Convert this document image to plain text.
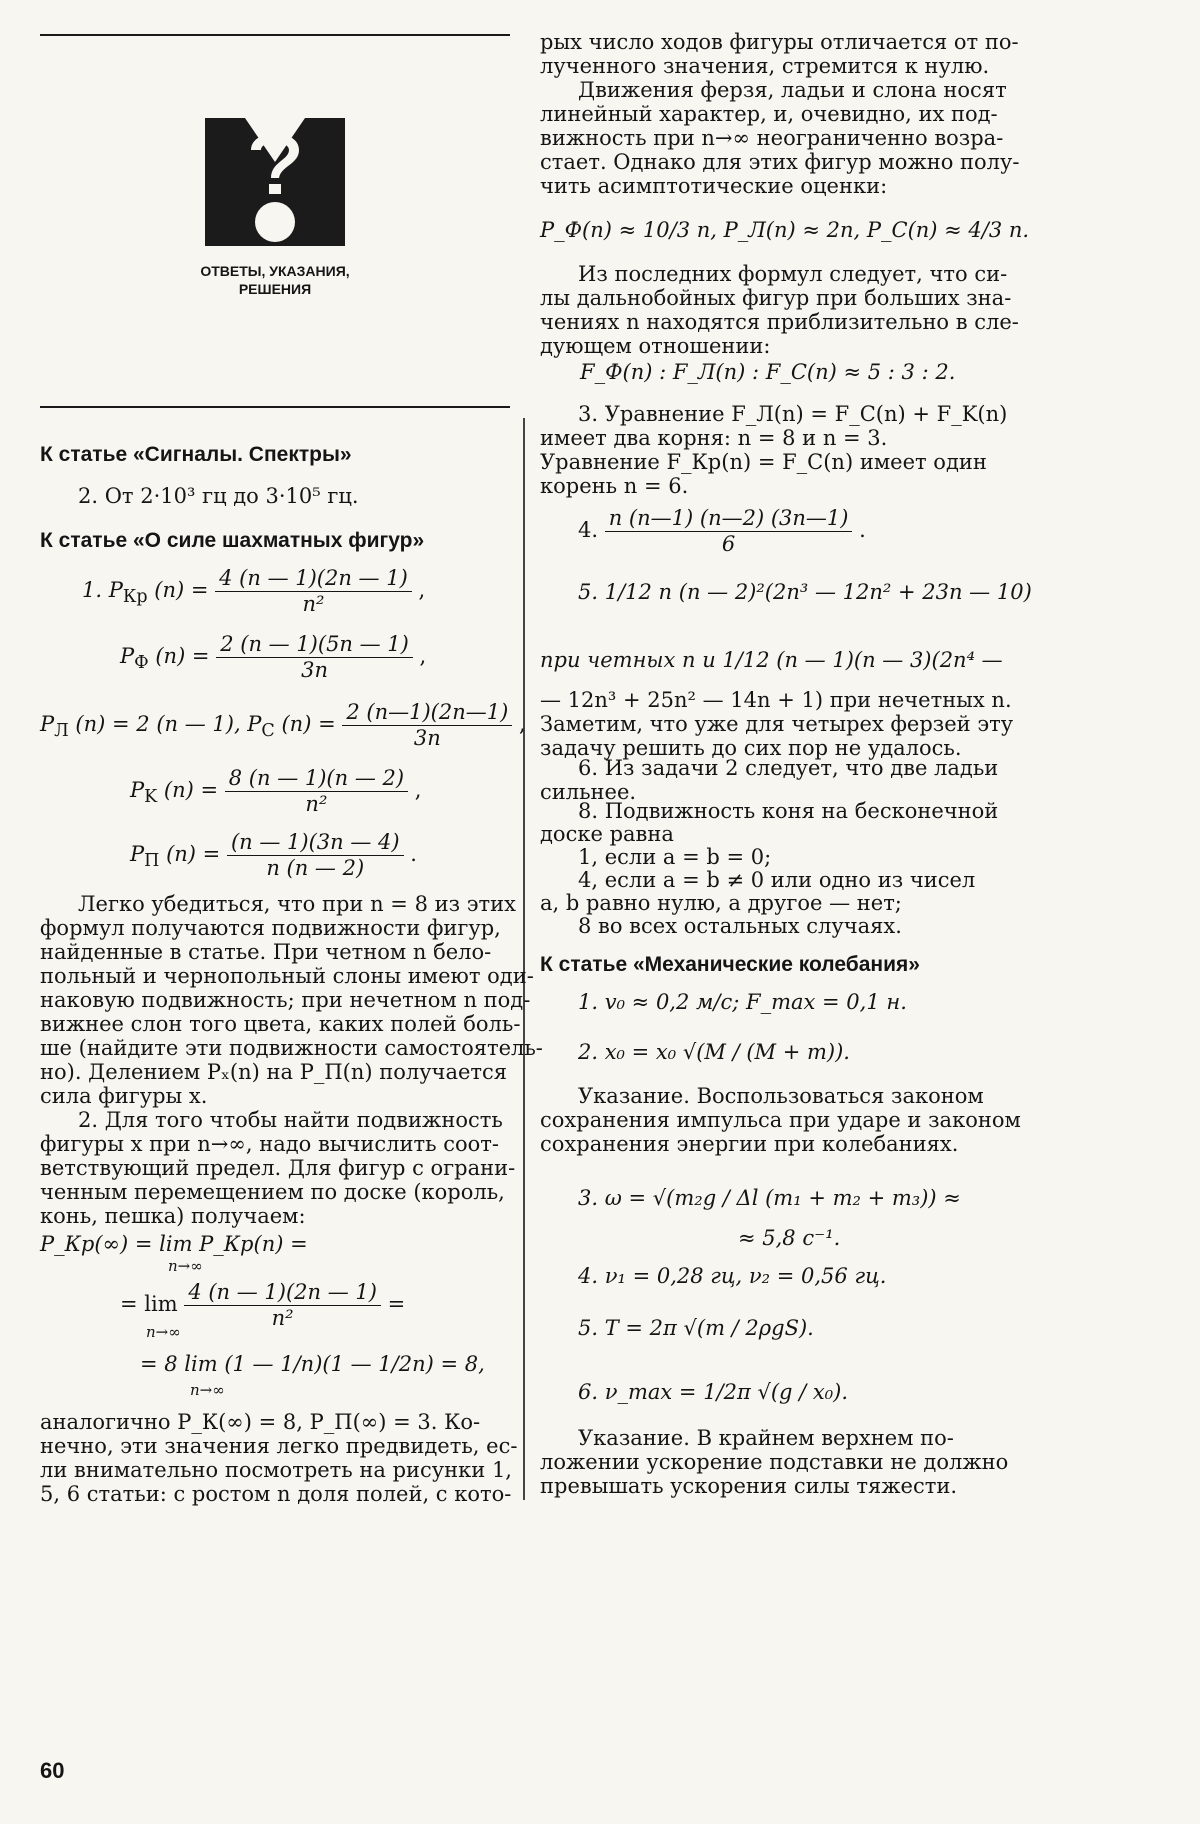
ОТВЕТЫ, УКАЗАНИЯ,
РЕШЕНИЯ
К статье «Сигналы. Спектры»
2. От 2·10³ гц до 3·10⁵ гц.
К статье «О силе шахматных фигур»
1. $P_{Кр}$ $(n) = \frac{4 (n — 1)(2n — 1)}{\text{n²}}$ ,
$P_Ф$ $(n) = \frac{2 (n — 1)(5n — 1)}{3n}$ ,
$P_Л$ (n) = 2 (n — 1), $P_C$ $(n) = \frac{2 (n—1)(2n—1)}{3n}$ ,
$P_K$ $(n) = \frac{8 (n — 1)(n — 2)}{\text{n²}}$ ,
$P_П$ $(n) = \frac{(n — 1)(3n — 4)}{n (n — 2)}$ .
Легко убедиться, что при n = 8 из этих
формул получаются подвижности фигур,
найденные в статье. При четном n бело-
польный и чернопольный слоны имеют оди-
наковую подвижность; при нечетном n под-
вижнее слон того цвета, каких полей боль-
ше (найдите эти подвижности самостоятель-
но). Делением Pₓ(n) на P_П(n) получается
сила фигуры x.
2. Для того чтобы найти подвижность
фигуры x при n→∞, надо вычислить соот-
ветствующий предел. Для фигур с ограни-
ченным перемещением по доске (король,
конь, пешка) получаем:
P_Кр(∞) = lim P_Кр(n) =
n→∞
= $\lim \frac{4 (n — 1)(2n — 1)}{\text{n²}}$ =
n→∞
= 8 lim (1 — 1/n)(1 — 1/2n) = 8,
n→∞
аналогично P_К(∞) = 8, P_П(∞) = 3. Ко-
нечно, эти значения легко предвидеть, ес-
ли внимательно посмотреть на рисунки 1,
5, 6 статьи: с ростом n доля полей, с кото-
60
рых число ходов фигуры отличается от по-
лученного значения, стремится к нулю.
Движения ферзя, ладьи и слона носят
линейный характер, и, очевидно, их под-
вижность при n→∞ неограниченно возра-
стает. Однако для этих фигур можно полу-
чить асимптотические оценки:
P_Ф(n) ≈ 10/3 n, P_Л(n) ≈ 2n, P_C(n) ≈ 4/3 n.
Из последних формул следует, что си-
лы дальнобойных фигур при больших зна-
чениях n находятся приблизительно в сле-
дующем отношении:
F_Ф(n) : F_Л(n) : F_C(n) ≈ 5 : 3 : 2.
3. Уравнение F_Л(n) = F_C(n) + F_K(n)
имеет два корня: n = 8 и n = 3.
Уравнение F_Кр(n) = F_C(n) имеет один
корень n = 6.
4. $\frac{n (n—1) (n—2) (3n—1)}{6}$ .
5. 1/12 n (n — 2)²(2n³ — 12n² + 23n — 10)
при четных n и 1/12 (n — 1)(n — 3)(2n⁴ —
— 12n³ + 25n² — 14n + 1) при нечетных n.
Заметим, что уже для четырех ферзей эту
задачу решить до сих пор не удалось.
6. Из задачи 2 следует, что две ладьи
сильнее.
8. Подвижность коня на бесконечной
доске равна
1, если a = b = 0;
4, если a = b ≠ 0 или одно из чисел
a, b равно нулю, а другое — нет;
8 во всех остальных случаях.
К статье «Механические колебания»
1. v₀ ≈ 0,2 м/с; F_max = 0,1 н.
2. x₀ = x₀ √(M / (M + m)).
Указание. Воспользоваться законом
сохранения импульса при ударе и законом
сохранения энергии при колебаниях.
3. ω = √(m₂g / Δl (m₁ + m₂ + m₃)) ≈
≈ 5,8 с⁻¹.
4. ν₁ = 0,28 гц, ν₂ = 0,56 гц.
5. T = 2π √(m / 2ρgS).
6. ν_max = 1/2π √(g / x₀).
Указание. В крайнем верхнем по-
ложении ускорение подставки не должно
превышать ускорения силы тяжести.
